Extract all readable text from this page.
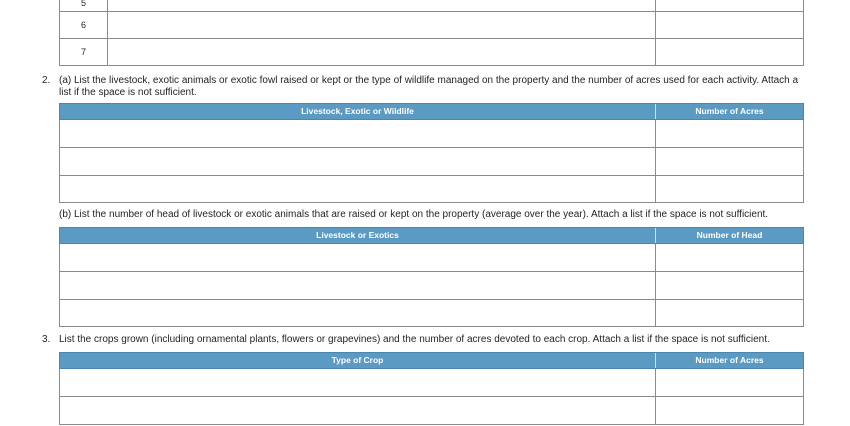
5
6
7
2. (a) List the livestock, exotic animals or exotic fowl raised or kept or the type of wildlife managed on the property and the number of acres used for each activity. Attach a list if the space is not sufficient.
Livestock, Exotic or Wildlife	Number of Acres
(b) List the number of head of livestock or exotic animals that are raised or kept on the property (average over the year). Attach a list if the space is not sufficient.
Livestock or Exotics	Number of Head
3. List the crops grown (including ornamental plants, flowers or grapevines) and the number of acres devoted to each crop. Attach a list if the space is not sufficient.
Type of Crop	Number of Acres
